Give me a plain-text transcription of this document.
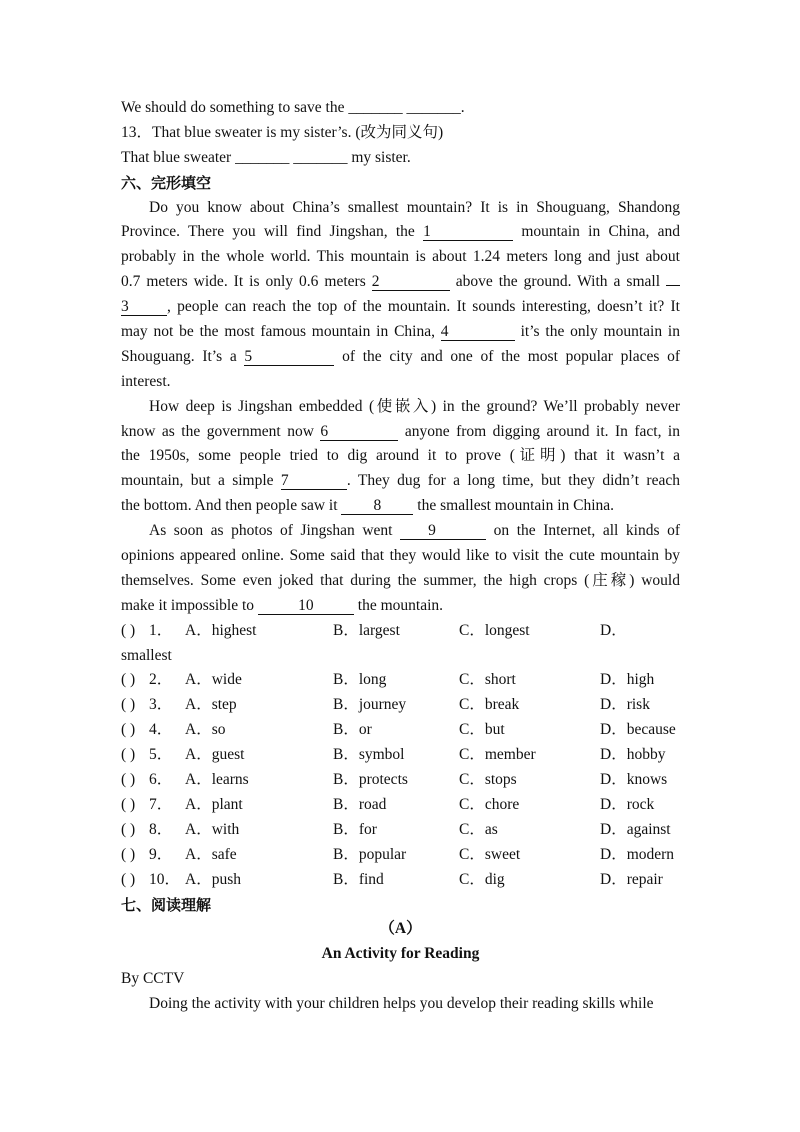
We should do something to save the _______ _______.
13．That blue sweater is my sister’s. (改为同义句)
That blue sweater _______ _______ my sister.
六、完形填空
Do you know about China’s smallest mountain? It is in Shouguang, Shandong
Province. There you will find Jingshan, the 1	mountain in China, and
probably in the whole world. This mountain is about 1.24 meters long and just about
0.7 meters wide. It is only 0.6 meters 2	above the ground. With a small
3 , people can reach the top of the mountain. It sounds interesting, doesn’t it? It
may not be the most famous mountain in China, 4	it’s the only mountain in
Shouguang. It’s a 5	of the city and one of the most popular places of
interest.
How deep is Jingshan embedded (使嵌入) in the ground? We’ll probably never
know as the government now 6	anyone from digging around it. In fact, in
the 1950s, some people tried to dig around it to prove (证明) that it wasn’t a
mountain, but a simple 7	. They dug for a long time, but they didn’t reach
the bottom. And then people saw it 8 the smallest mountain in China.
As soon as photos of Jingshan went 9	on the Internet, all kinds of
opinions appeared online. Some said that they would like to visit the cute mountain by
themselves. Some even joked that during the summer, the high crops (庄稼) would
make it impossible to	10	the mountain.
( ) 1． A．highest	B．largest	C．longest	D．
smallest
( ) 2． A．wide	B．long	C．short	D．high
( ) 3． A．step	B．journey	C．break	D．risk
( ) 4． A．so	B．or	C．but	D．because
( ) 5． A．guest	B．symbol	C．member	D．hobby
( ) 6． A．learns	B．protects	C．stops	D．knows
( ) 7． A．plant	B．road	C．chore	D．rock
( ) 8． A．with	B．for	C．as	D．against
( ) 9． A．safe	B．popular	C．sweet	D．modern
( ) 10． A．push	B．find	C．dig	D．repair
七、阅读理解
（A）
An Activity for Reading
By CCTV
Doing the activity with your children helps you develop their reading skills while
